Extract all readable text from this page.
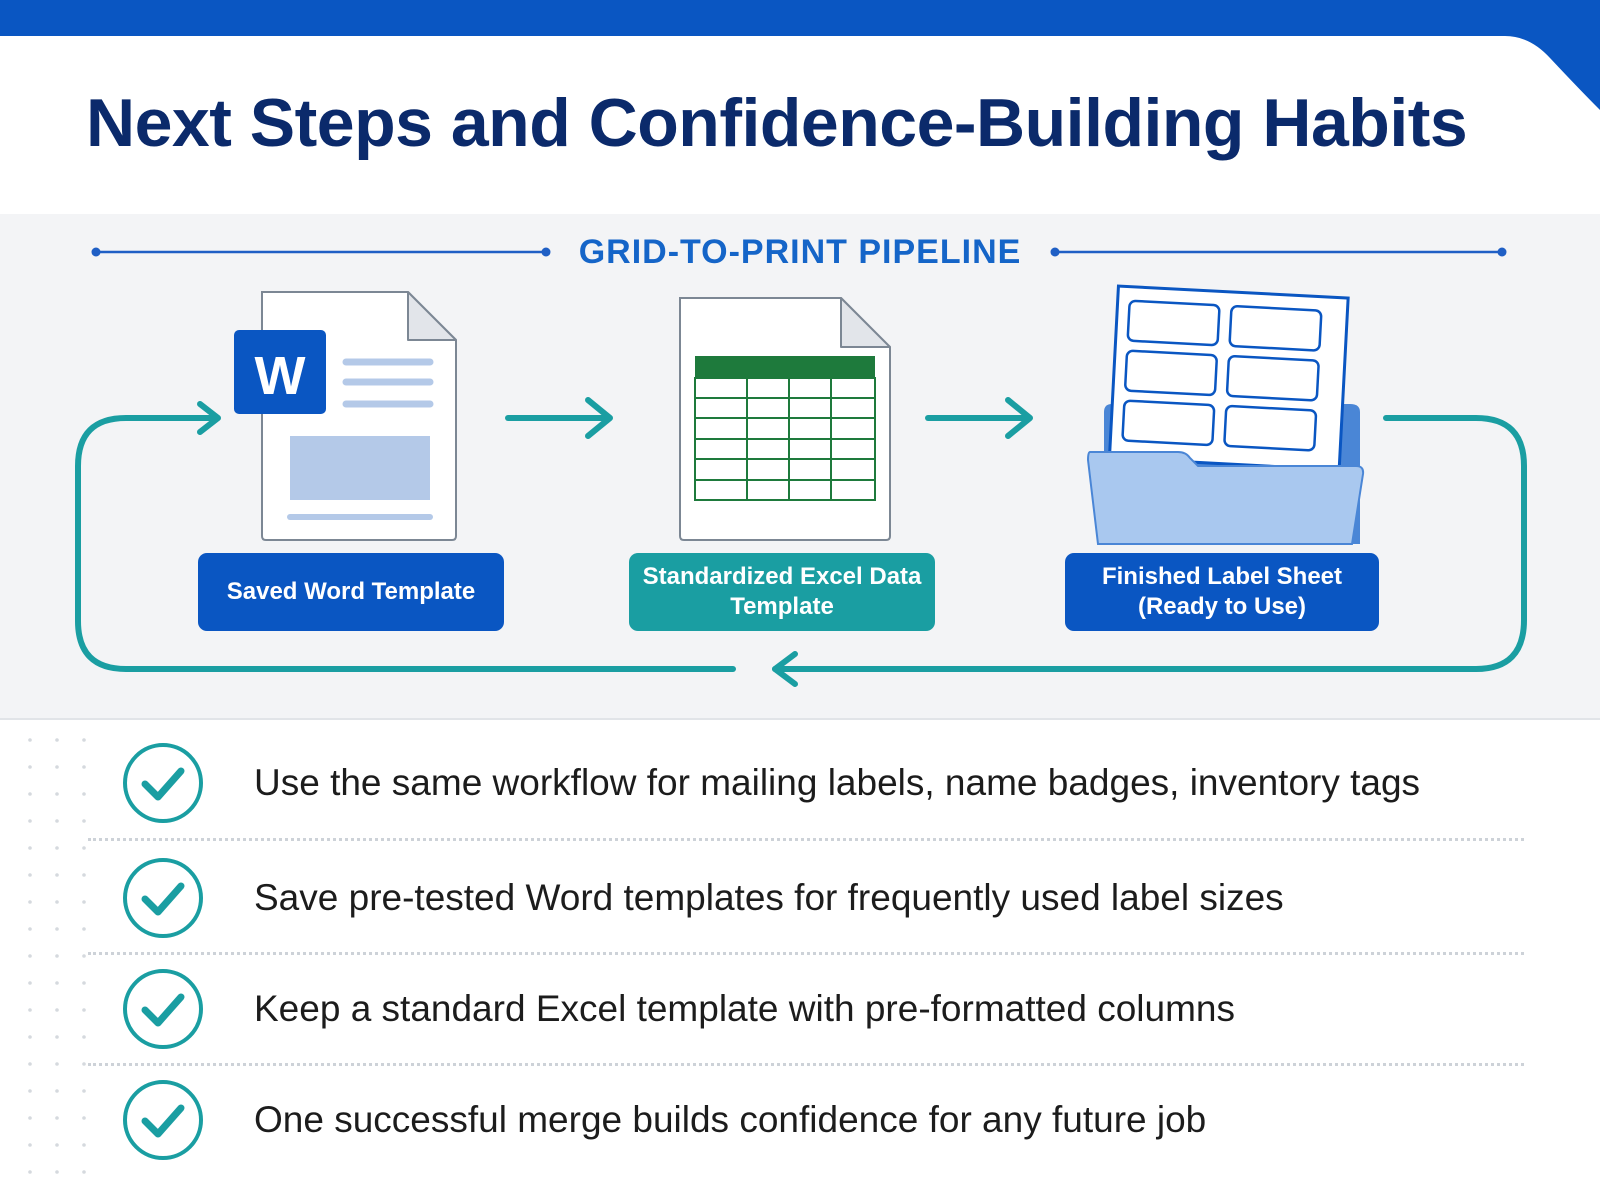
Next Steps and Confidence-Building Habits
W
GRID-TO-PRINT PIPELINE
Saved Word Template
Standardized Excel Data Template
Finished Label Sheet (Ready to Use)
Use the same workflow for mailing labels, name badges, inventory tags
Save pre-tested Word templates for frequently used label sizes
Keep a standard Excel template with pre-formatted columns
One successful merge builds confidence for any future job
